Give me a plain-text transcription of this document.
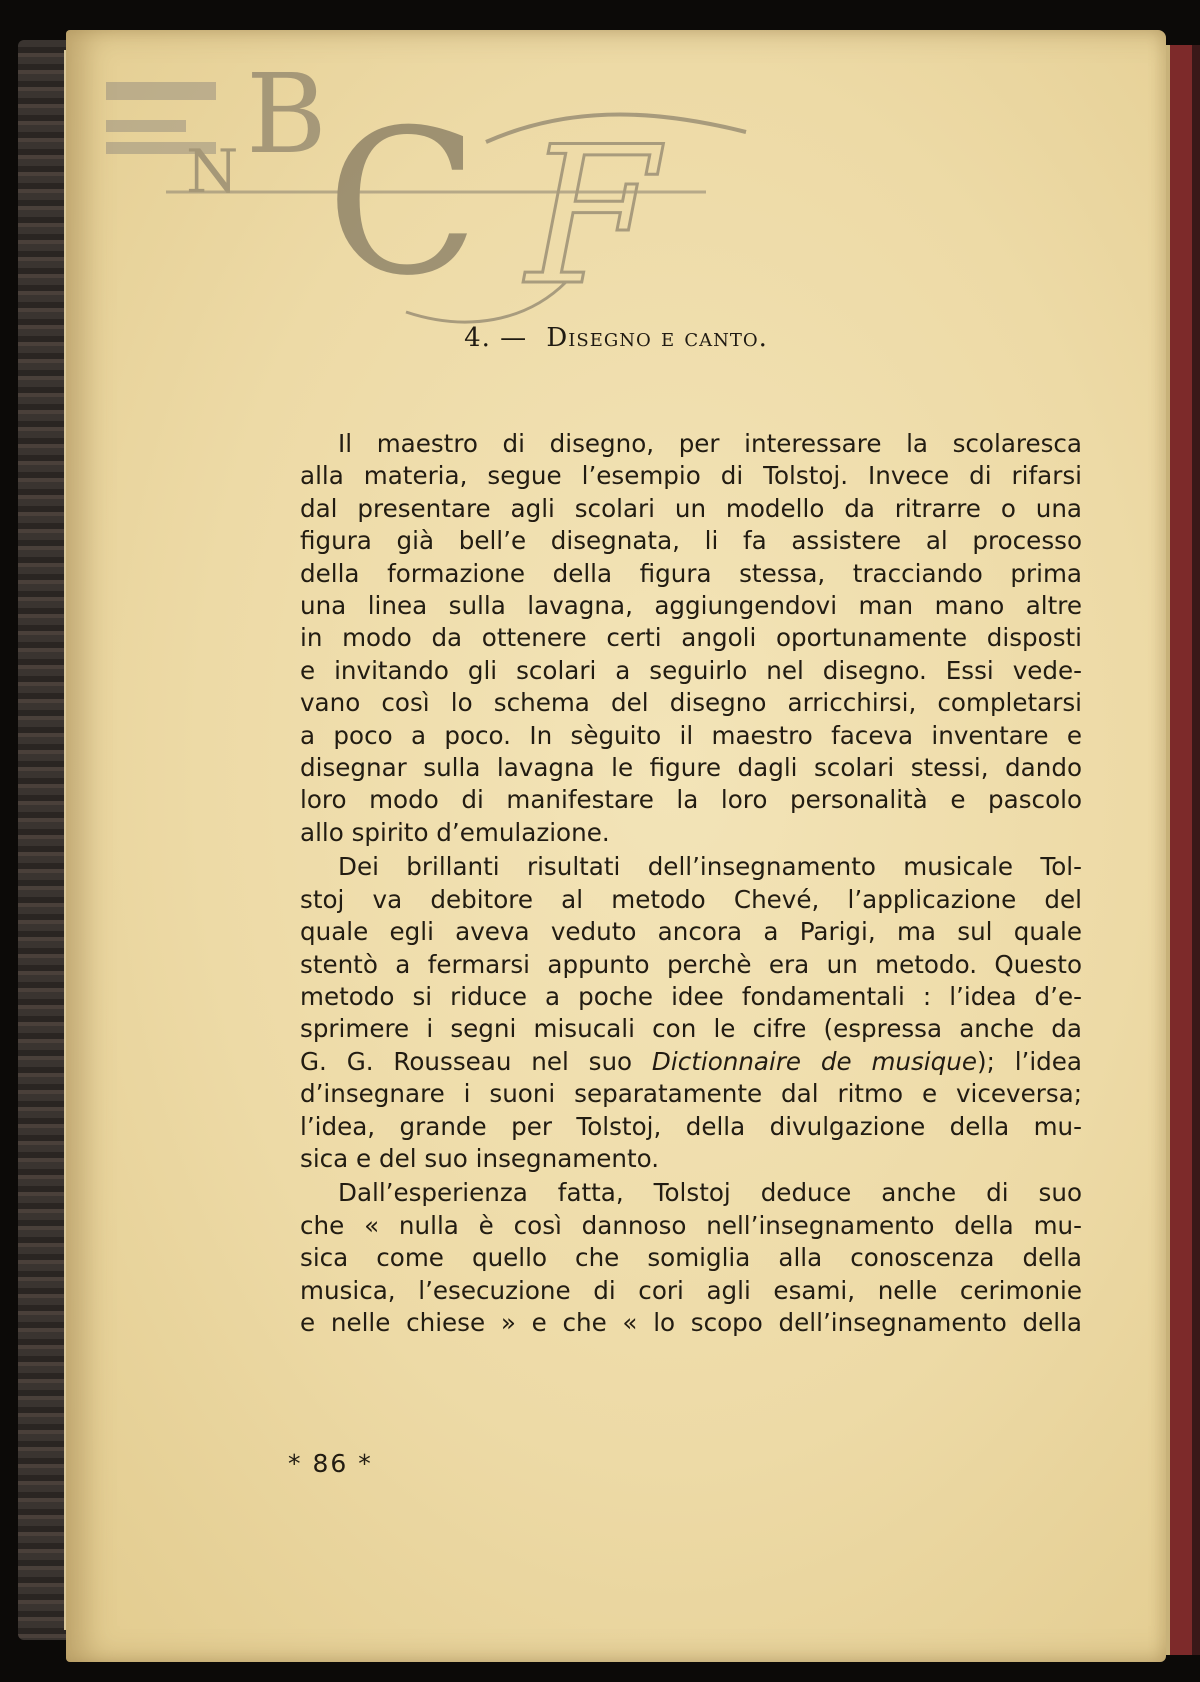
B
N C F
4. — Disegno e canto.
Il maestro di disegno, per interessare la scolaresca
alla materia, segue l’esempio di Tolstoj. Invece di rifarsi
dal presentare agli scolari un modello da ritrarre o una
figura già bell’e disegnata, li fa assistere al processo
della formazione della figura stessa, tracciando prima
una linea sulla lavagna, aggiungendovi man mano altre
in modo da ottenere certi angoli oportunamente disposti
e invitando gli scolari a seguirlo nel disegno. Essi vede-
vano così lo schema del disegno arricchirsi, completarsi
a poco a poco. In sèguito il maestro faceva inventare e
disegnar sulla lavagna le figure dagli scolari stessi, dando
loro modo di manifestare la loro personalità e pascolo
allo spirito d’emulazione.
Dei brillanti risultati dell’insegnamento musicale Tol-
stoj va debitore al metodo Chevé, l’applicazione del
quale egli aveva veduto ancora a Parigi, ma sul quale
stentò a fermarsi appunto perchè era un metodo. Questo
metodo si riduce a poche idee fondamentali : l’idea d’e-
sprimere i segni misucali con le cifre (espressa anche da
G. G. Rousseau nel suo Dictionnaire de musique); l’idea
d’insegnare i suoni separatamente dal ritmo e viceversa;
l’idea, grande per Tolstoj, della divulgazione della mu-
sica e del suo insegnamento.
Dall’esperienza fatta, Tolstoj deduce anche di suo
che « nulla è così dannoso nell’insegnamento della mu-
sica come quello che somiglia alla conoscenza della
musica, l’esecuzione di cori agli esami, nelle cerimonie
e nelle chiese » e che « lo scopo dell’insegnamento della
* 86 *
